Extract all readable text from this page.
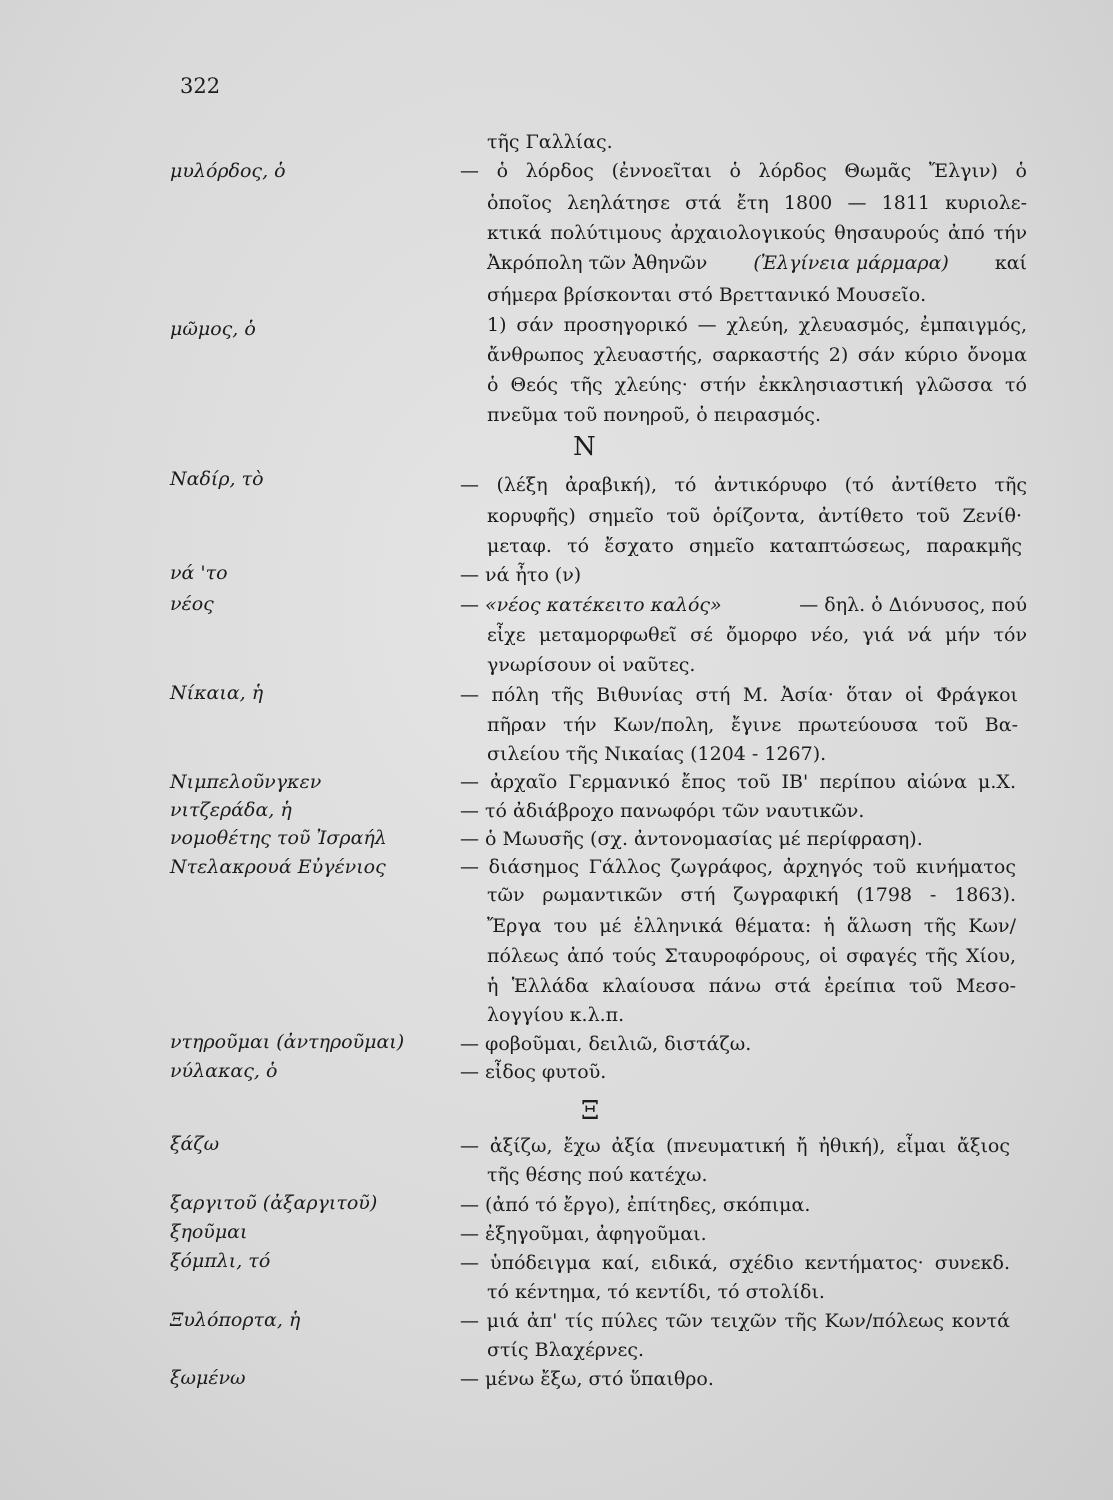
322
μυλόρδος, ὁ
μῶμος, ὁ
Ναδίρ, τὸ
νά 'το
νέος
Νίκαια, ἡ
Νιμπελοῦνγκεν
νιτζεράδα, ἡ
νομοθέτης τοῦ Ἰσραήλ
Ντελακρουά Εὐγένιος
ντηροῦμαι (ἀντηροῦμαι)
νύλακας, ὁ
ξάζω
ξαργιτοῦ (ἀξαργιτοῦ)
ξηοῦμαι
ξόμπλι, τό
Ξυλόπορτα, ἡ
ξωμένω
Ν
Ξ
τῆς Γαλλίας.
— ὁ λόρδος (ἐννοεῖται ὁ λόρδος Θωμᾶς Ἔλγιν) ὁ
ὁποῖος λεηλάτησε στά ἔτη 1800 — 1811 κυριολε-
κτικά πολύτιμους ἀρχαιολογικούς θησαυρούς ἀπό τήν
Ἀκρόπολη τῶν Ἀθηνῶν (Ἐλγίνεια μάρμαρα) καί
σήμερα βρίσκονται στό Βρεττανικό Μουσεῖο.
1) σάν προσηγορικό — χλεύη, χλευασμός, ἐμπαιγμός,
ἄνθρωπος χλευαστής, σαρκαστής 2) σάν κύριο ὄνομα
ὁ Θεός τῆς χλεύης· στήν ἐκκλησιαστική γλῶσσα τό
πνεῦμα τοῦ πονηροῦ, ὁ πειρασμός.
— (λέξη ἀραβική), τό ἀντικόρυφο (τό ἀντίθετο τῆς
κορυφῆς) σημεῖο τοῦ ὁρίζοντα, ἀντίθετο τοῦ Ζενίθ·
μεταφ. τό ἔσχατο σημεῖο καταπτώσεως, παρακμῆς
— νά ἦτο (ν)
— «νέος κατέκειτο καλός»	— δηλ. ὁ Διόνυσος, πού
εἶχε μεταμορφωθεῖ σέ ὄμορφο νέο, γιά νά μήν τόν
γνωρίσουν οἱ ναῦτες.
— πόλη τῆς Βιθυνίας στή Μ. Ἀσία· ὅταν οἱ Φράγκοι
πῆραν τήν Κων/πολη, ἔγινε πρωτεύουσα τοῦ Βα-
σιλείου τῆς Νικαίας (1204 - 1267).
— ἀρχαῖο Γερμανικό ἔπος τοῦ ΙΒ' περίπου αἰώνα μ.Χ.
— τό ἀδιάβροχο πανωφόρι τῶν ναυτικῶν.
— ὁ Μωυσῆς (σχ. ἀντονομασίας μέ περίφραση).
— διάσημος Γάλλος ζωγράφος, ἀρχηγός τοῦ κινήματος
τῶν ρωμαντικῶν στή ζωγραφική (1798 - 1863).
Ἔργα του μέ ἑλληνικά θέματα: ἡ ἅλωση τῆς Κων/
πόλεως ἀπό τούς Σταυροφόρους, οἱ σφαγές τῆς Χίου,
ἡ Ἑλλάδα κλαίουσα πάνω στά ἐρείπια τοῦ Μεσο-
λογγίου κ.λ.π.
— φοβοῦμαι, δειλιῶ, διστάζω.
— εἶδος φυτοῦ.
— ἀξίζω, ἔχω ἀξία (πνευματική ἤ ἠθική), εἶμαι ἄξιος
τῆς θέσης πού κατέχω.
— (ἀπό τό ἔργο), ἐπίτηδες, σκόπιμα.
— ἐξηγοῦμαι, ἀφηγοῦμαι.
— ὑπόδειγμα καί, ειδικά, σχέδιο κεντήματος· συνεκδ.
τό κέντημα, τό κεντίδι, τό στολίδι.
— μιά ἀπ' τίς πύλες τῶν τειχῶν τῆς Κων/πόλεως κοντά
στίς Βλαχέρνες.
— μένω ἔξω, στό ὕπαιθρο.
